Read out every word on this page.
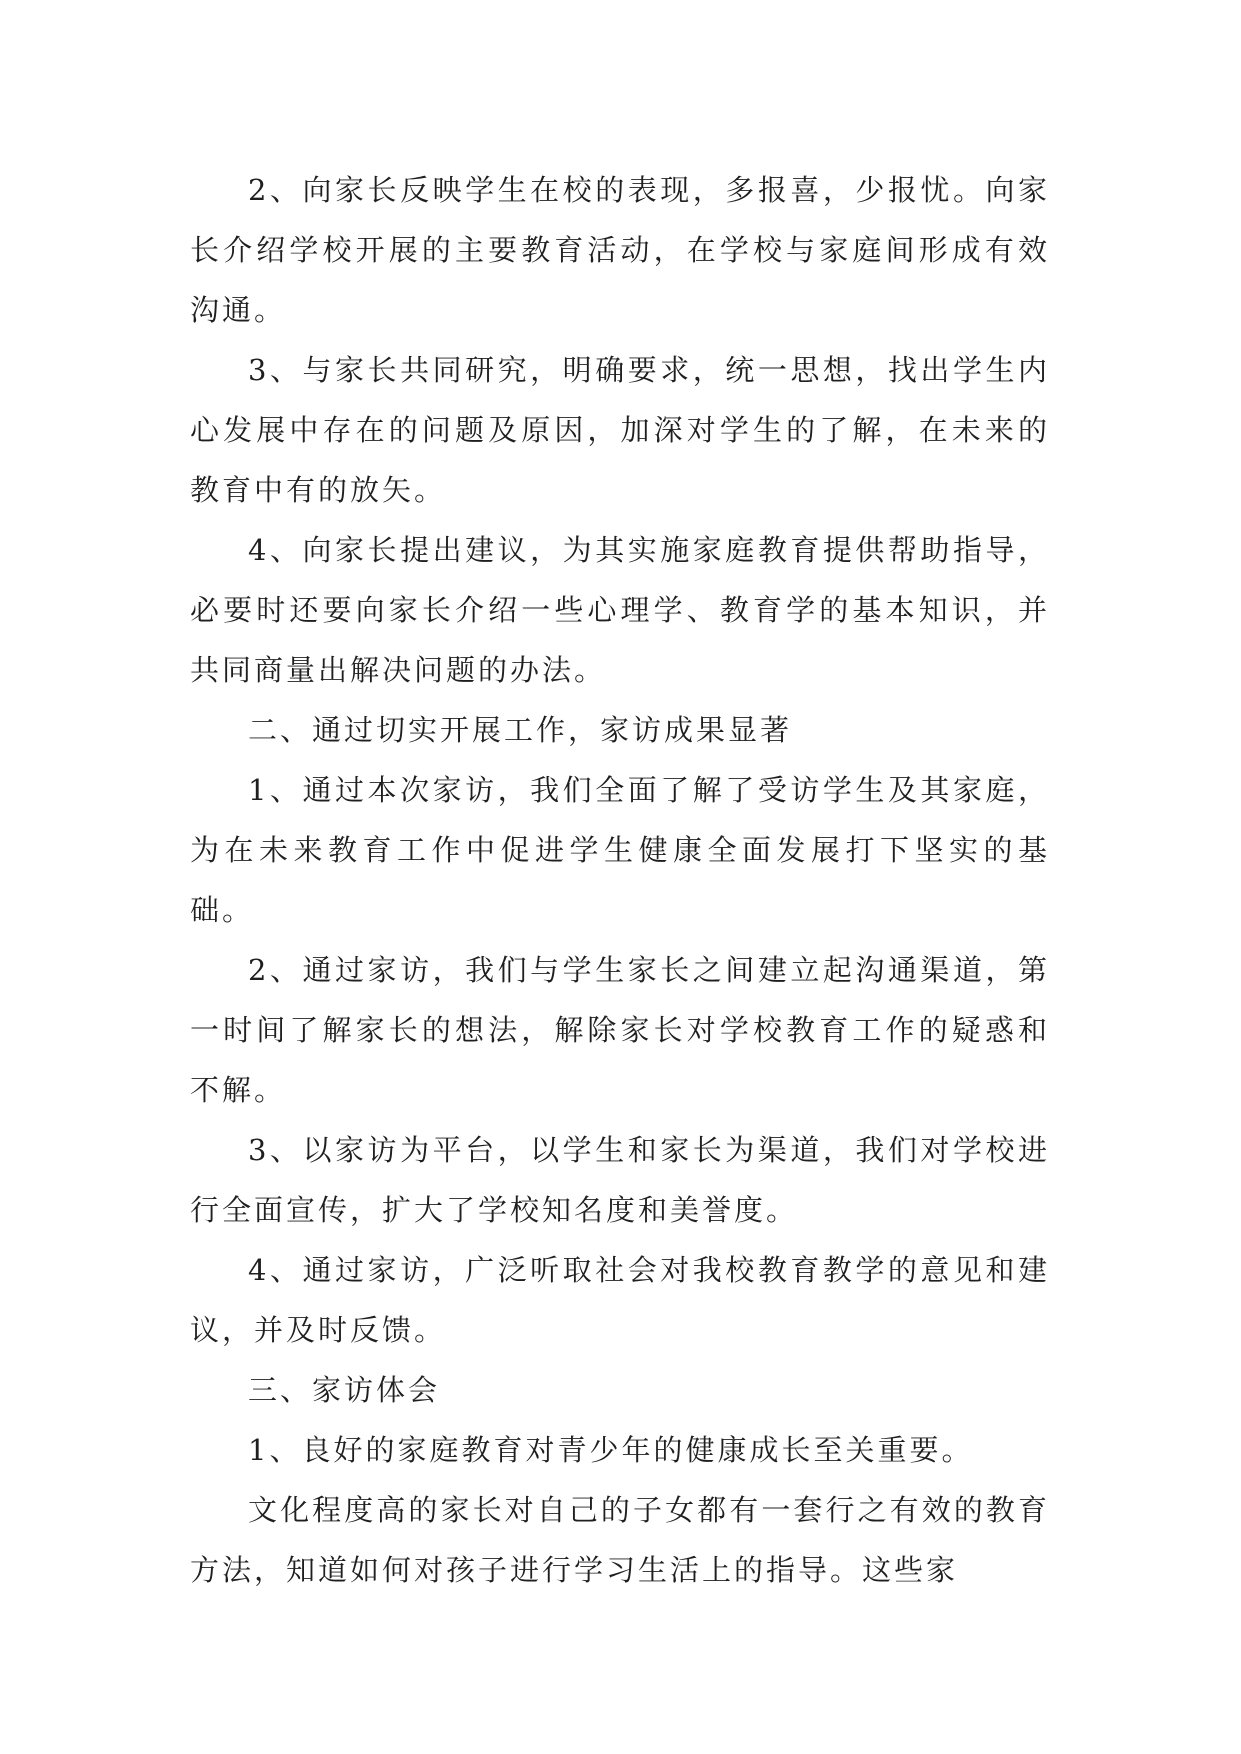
2、向家长反映学生在校的表现，多报喜，少报忧。向家长介绍学校开展的主要教育活动，在学校与家庭间形成有效沟通。

3、与家长共同研究，明确要求，统一思想，找出学生内心发展中存在的问题及原因，加深对学生的了解，在未来的教育中有的放矢。

4、向家长提出建议，为其实施家庭教育提供帮助指导，必要时还要向家长介绍一些心理学、教育学的基本知识，并共同商量出解决问题的办法。

二、通过切实开展工作，家访成果显著

1、通过本次家访，我们全面了解了受访学生及其家庭，为在未来教育工作中促进学生健康全面发展打下坚实的基础。

2、通过家访，我们与学生家长之间建立起沟通渠道，第一时间了解家长的想法，解除家长对学校教育工作的疑惑和不解。

3、以家访为平台，以学生和家长为渠道，我们对学校进行全面宣传，扩大了学校知名度和美誉度。

4、通过家访，广泛听取社会对我校教育教学的意见和建议，并及时反馈。

三、家访体会

1、良好的家庭教育对青少年的健康成长至关重要。

文化程度高的家长对自己的子女都有一套行之有效的教育方法，知道如何对孩子进行学习生活上的指导。这些家
